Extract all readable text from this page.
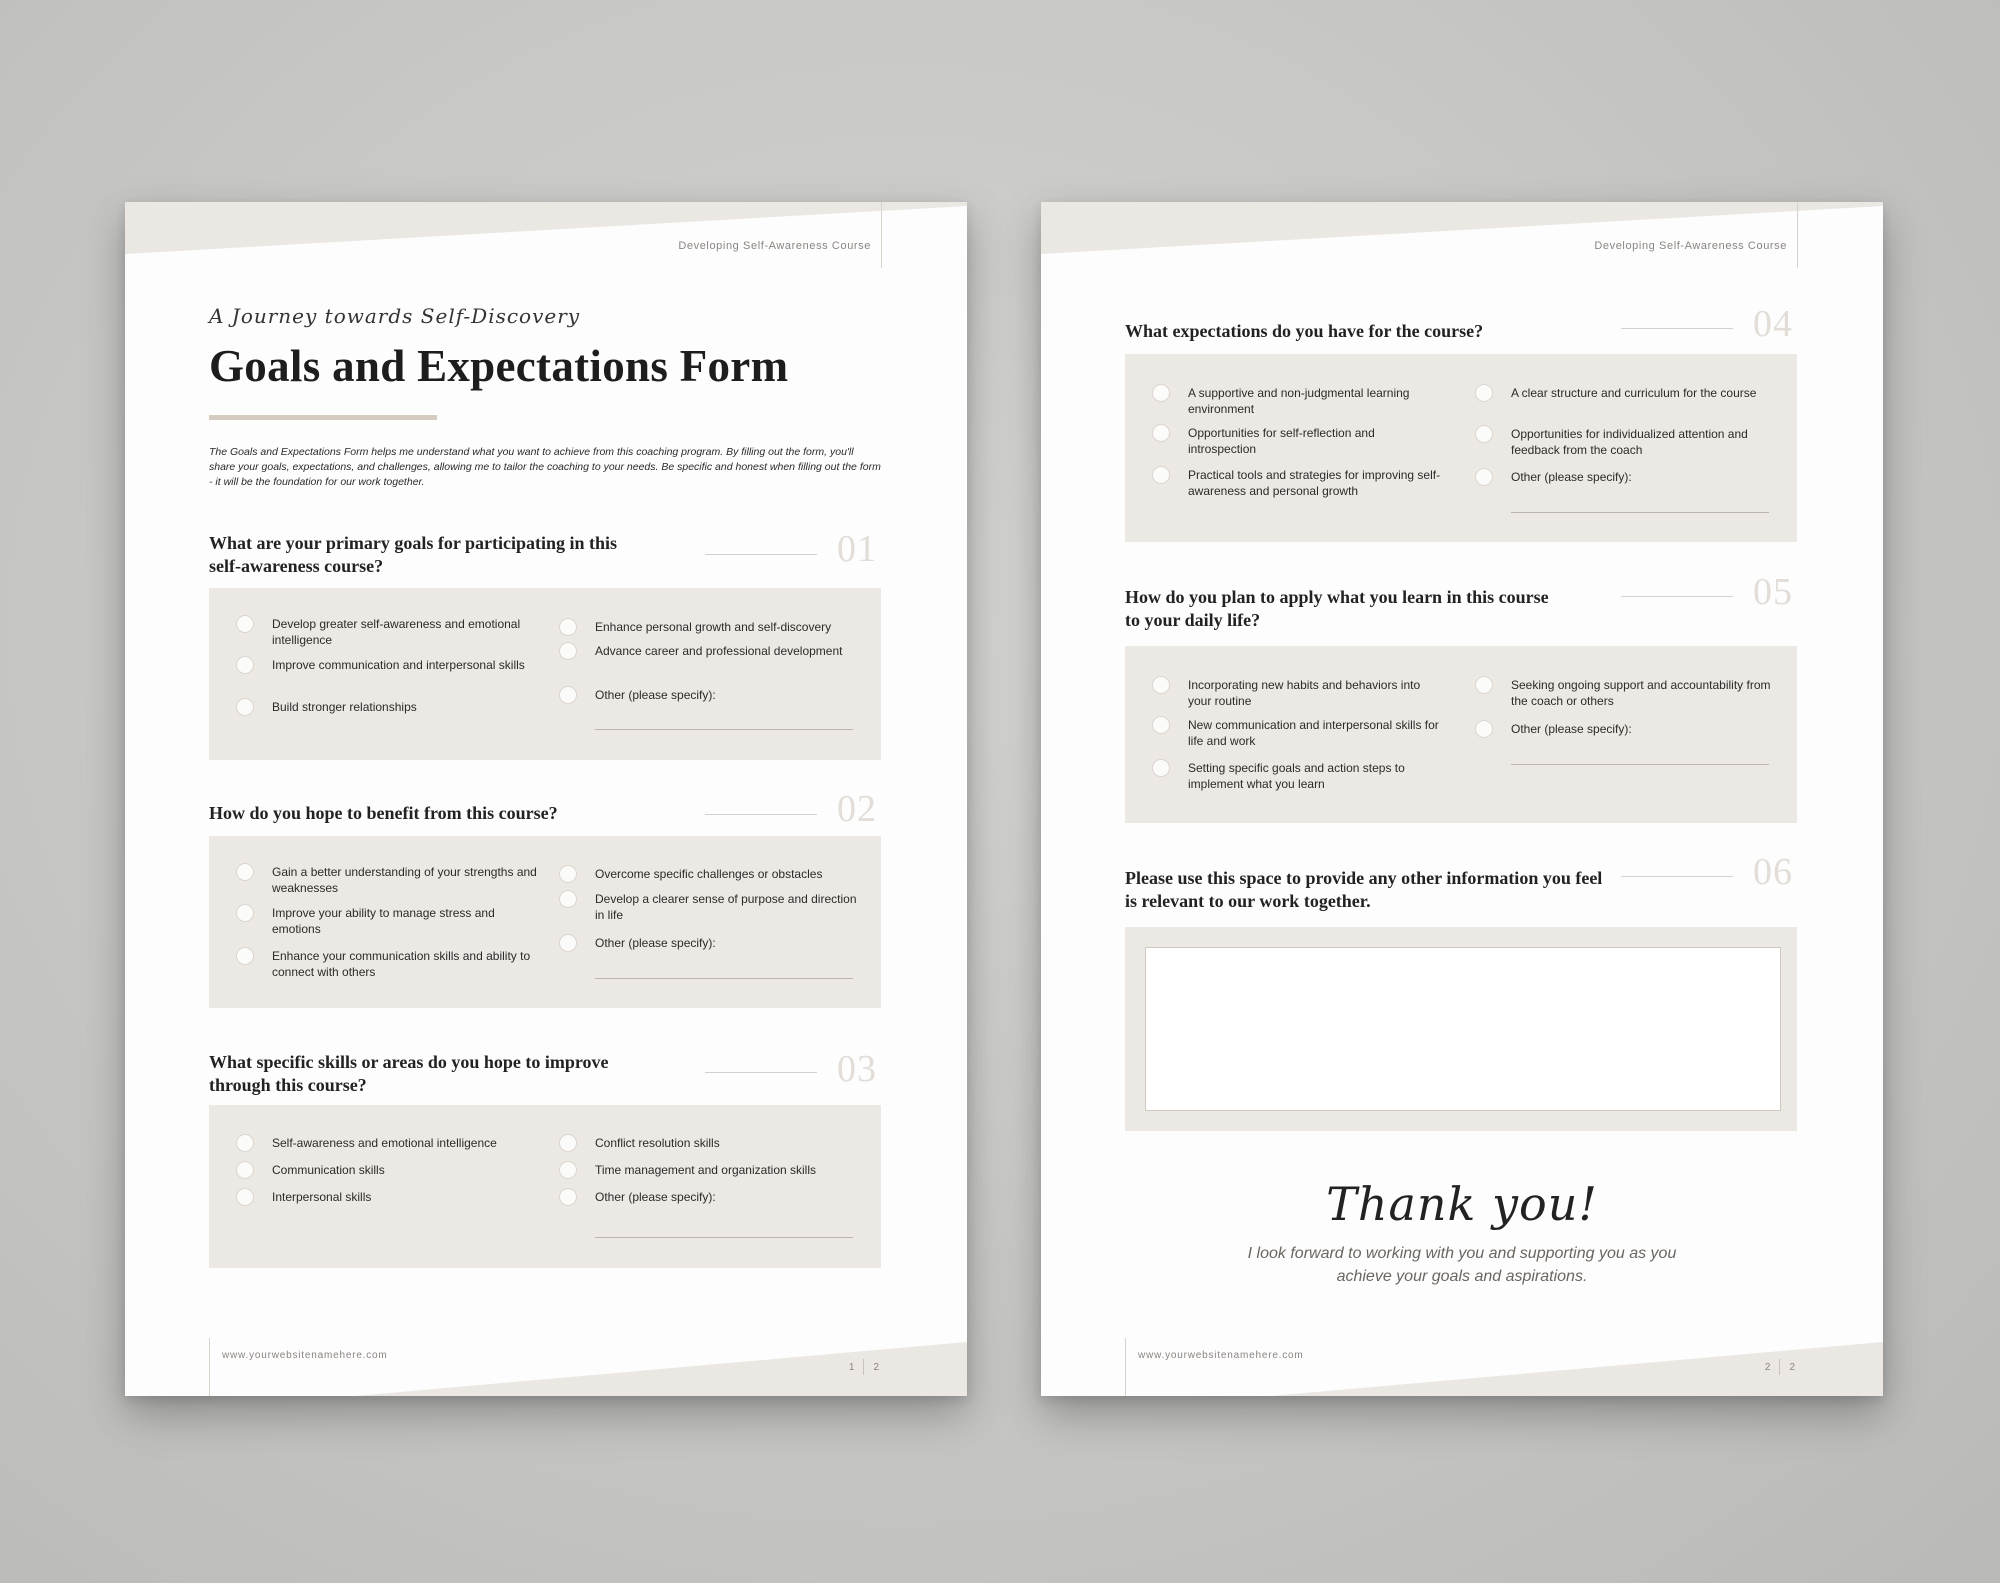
Developing Self-Awareness Course
A Journey towards Self-Discovery
Goals and Expectations Form
The Goals and Expectations Form helps me understand what you want to achieve from this coaching program. By filling out the form, you'll share your goals, expectations, and challenges, allowing me to tailor the coaching to your needs. Be specific and honest when filling out the form - it will be the foundation for our work together.
What are your primary goals for participating in this self-awareness course?	01
Develop greater self-awareness and emotional intelligence
Improve communication and interpersonal skills
Build stronger relationships
Enhance personal growth and self-discovery
Advance career and professional development
Other (please specify):
How do you hope to benefit from this course?	02
Gain a better understanding of your strengths and weaknesses
Improve your ability to manage stress and emotions
Enhance your communication skills and ability to connect with others
Overcome specific challenges or obstacles
Develop a clearer sense of purpose and direction in life
Other (please specify):
What specific skills or areas do you hope to improve through this course?	03
Self-awareness and emotional intelligence
Communication skills
Interpersonal skills
Conflict resolution skills
Time management and organization skills
Other (please specify):
www.yourwebsitenamehere.com
1 2
Developing Self-Awareness Course
What expectations do you have for the course?	04
A supportive and non-judgmental learning environment
Opportunities for self-reflection and introspection
Practical tools and strategies for improving self-awareness and personal growth
A clear structure and curriculum for the course
Opportunities for individualized attention and feedback from the coach
Other (please specify):
How do you plan to apply what you learn in this course to your daily life?
05
Incorporating new habits and behaviors into your routine
New communication and interpersonal skills for life and work
Setting specific goals and action steps to implement what you learn
Seeking ongoing support and accountability from the coach or others
Other (please specify):
Please use this space to provide any other information you feel is relevant to our work together.
06
Thank you!
I look forward to working with you and supporting you as you achieve your goals and aspirations.
www.yourwebsitenamehere.com
2 2
